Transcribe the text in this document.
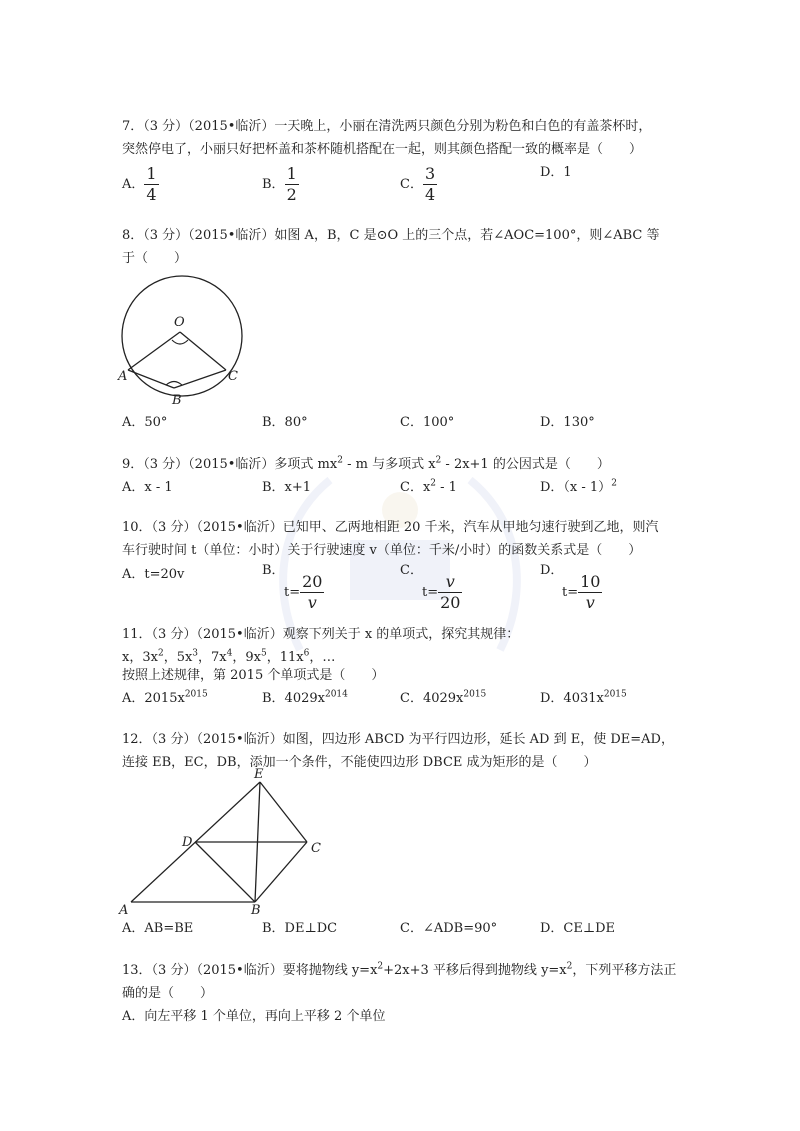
7．（3 分）（2015•临沂）一天晚上，小丽在清洗两只颜色分别为粉色和白色的有盖茶杯时，
突然停电了，小丽只好把杯盖和茶杯随机搭配在一起，则其颜色搭配一致的概率是（　　）
A． $\frac{1}{4}$	B． $\frac{1}{2}$	C． $\frac{3}{4}$	D．1
8．（3 分）（2015•临沂）如图 A，B，C 是⊙O 上的三个点，若∠AOC=100°，则∠ABC 等
于（　　）
O
A
B
C
A．50°	B．80°	C．100°	D．130°
9．（3 分）（2015•临沂）多项式 $mx^2$ - m 与多项式 $x^2 - 2x+1$ 的公因式是（　　）
A．x - 1	B．x+1	C．$x^2 - 1$	D．（x - 1）$^2$
10．（3 分）（2015•临沂）已知甲、乙两地相距 20 千米，汽车从甲地匀速行驶到乙地，则汽
车行驶时间 t（单位：小时）关于行驶速度 v（单位：千米/小时）的函数关系式是（　　）
A．t=20v	B．
$t= \frac{20}{v}$
C．
$t= \frac{v}{20}$
D．
$t= \frac{10}{v}$
11．（3 分）（2015•临沂）观察下列关于 x 的单项式，探究其规律：
x，$3x^2$，$5x^3$，$7x^4$，$9x^5$，$11x^6$，…
按照上述规律，第 2015 个单项式是（　　）
A．$2015x^{2015}$	B．$4029x^{2014}$	C．$4029x^{2015}$	D．$4031x^{2015}$
12．（3 分）（2015•临沂）如图，四边形 ABCD 为平行四边形，延长 AD 到 E，使 DE=AD，
连接 EB，EC，DB，添加一个条件，不能使四边形 DBCE 成为矩形的是（　　）
E
D	C
A	B
A．AB=BE	B．DE⊥DC	C．∠ADB=90°	D．CE⊥DE
13．（3 分）（2015•临沂）要将抛物线 $y=x^2+2x+3$ 平移后得到抛物线 $y=x^2$，下列平移方法正
确的是（　　）
A．向左平移 1 个单位，再向上平移 2 个单位
